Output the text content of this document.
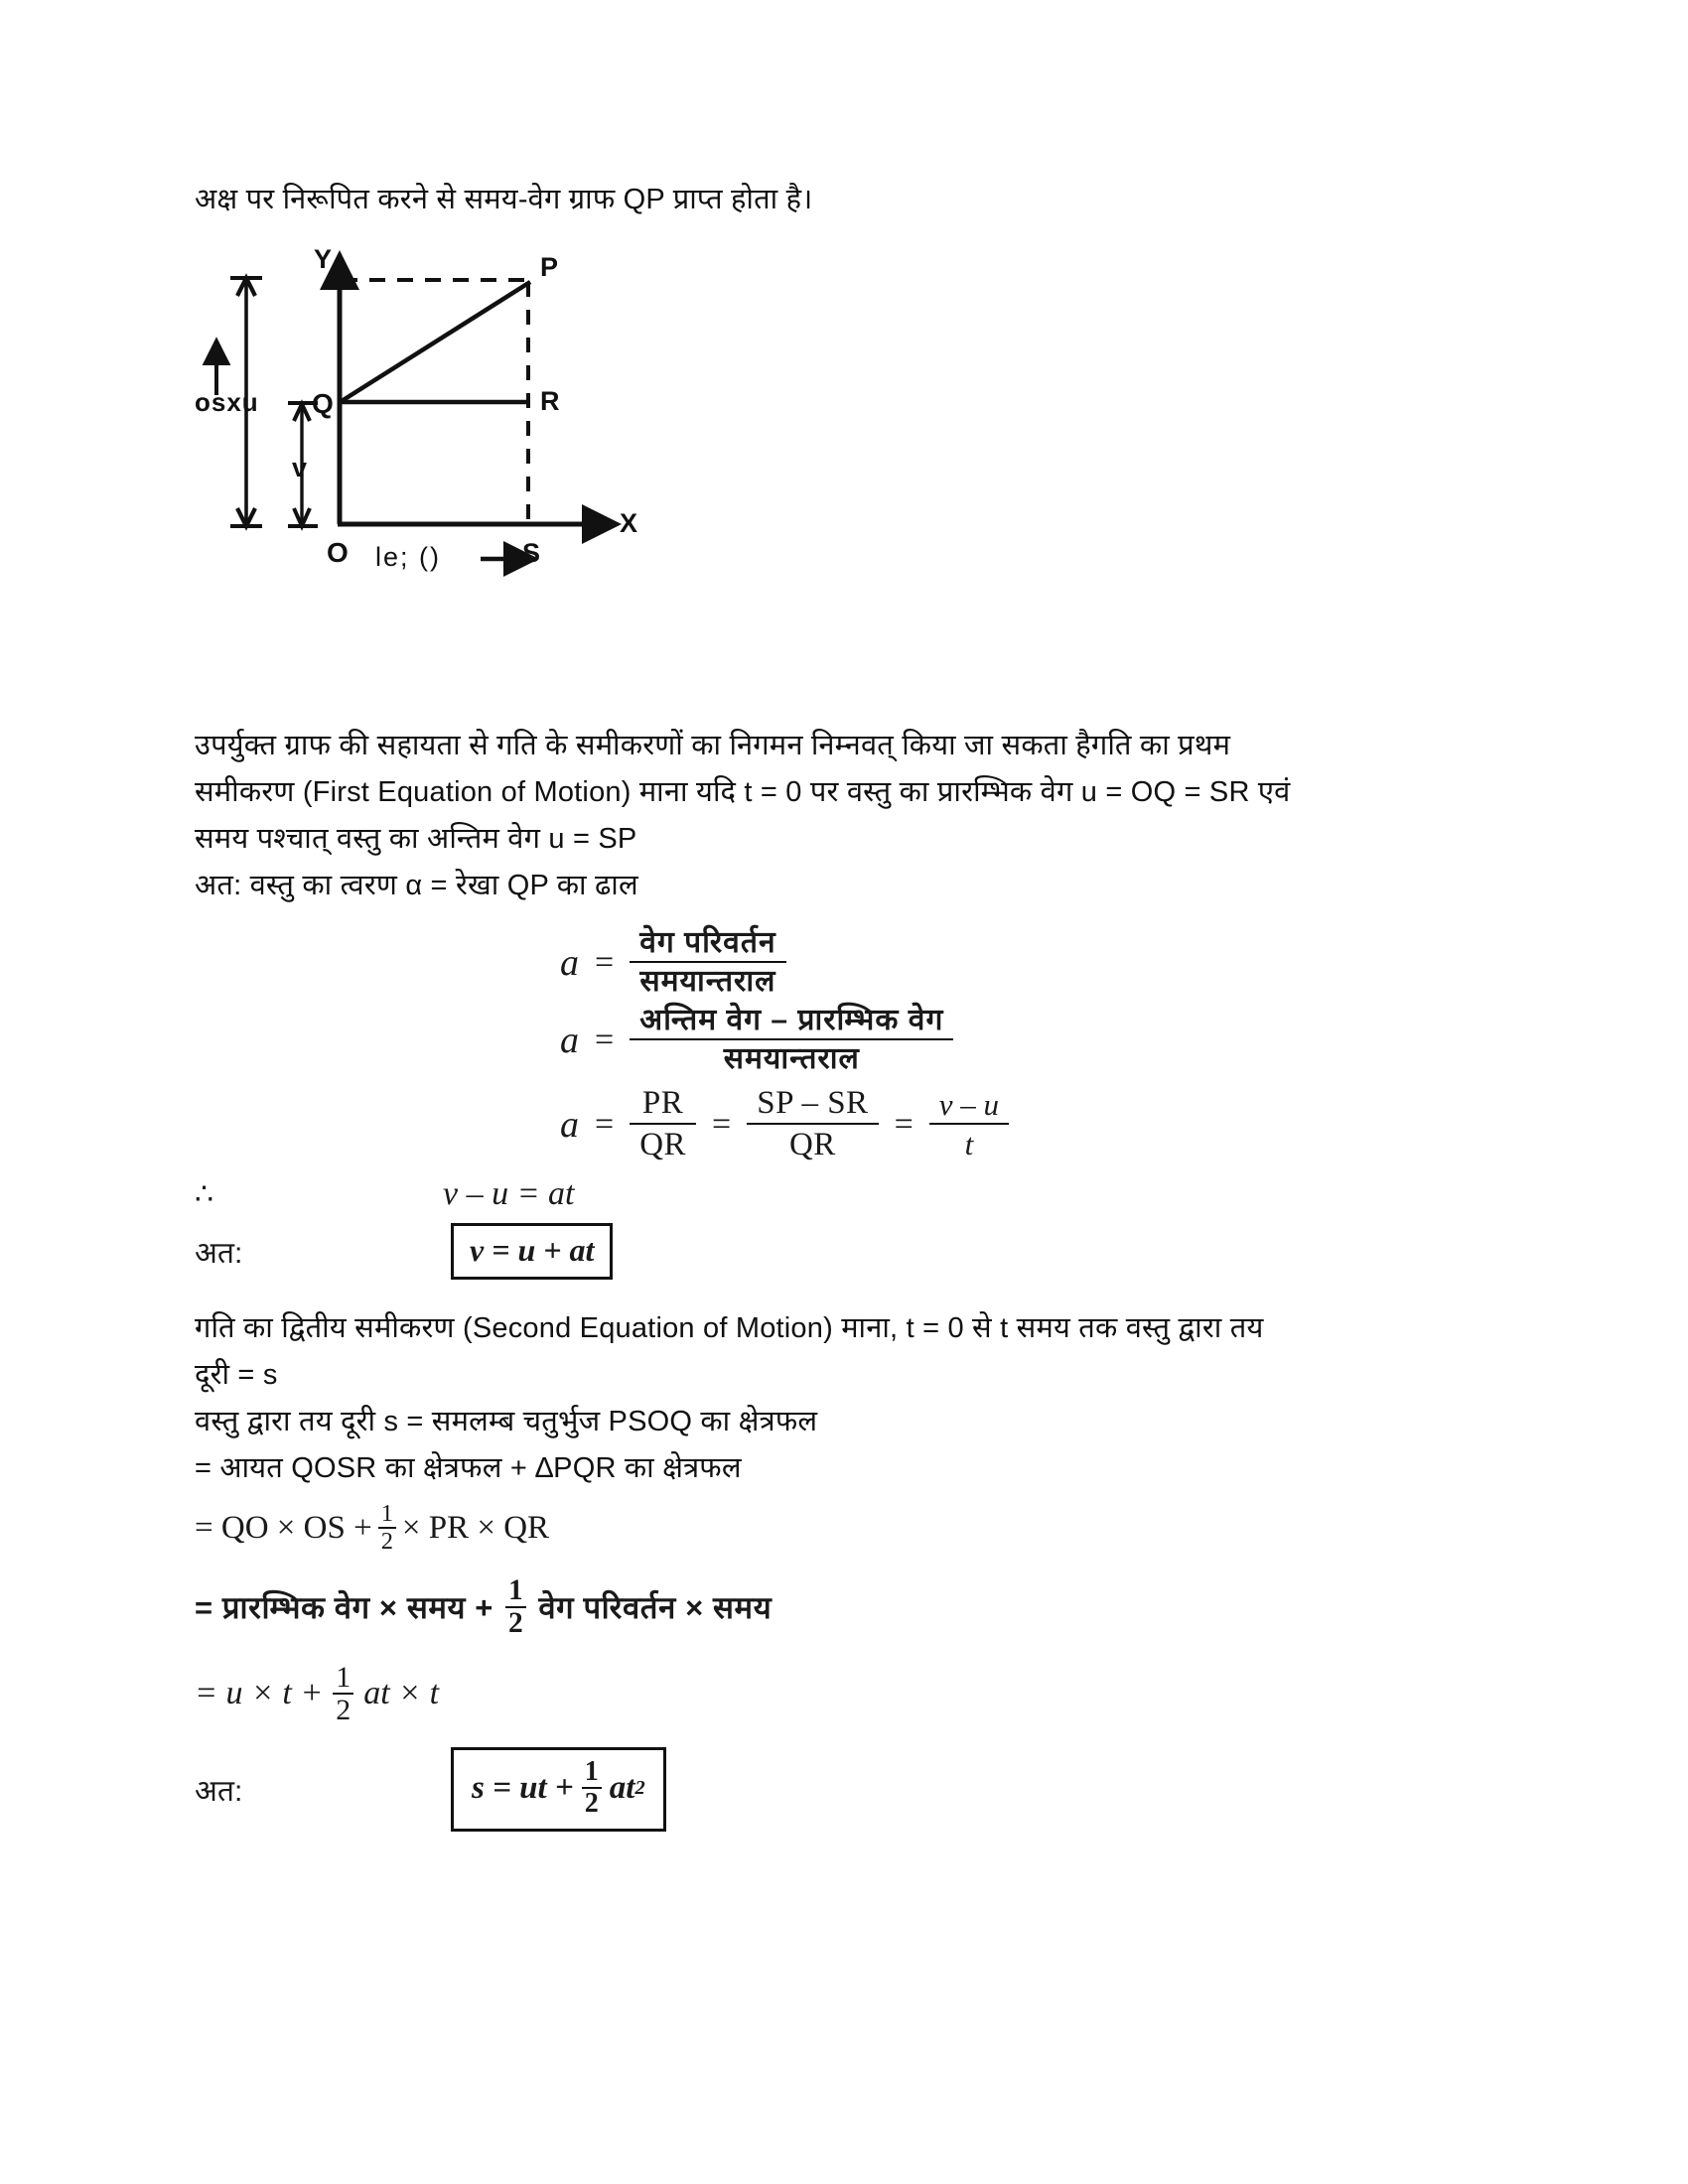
अक्ष पर निरूपित करने से समय-वेग ग्राफ QP प्राप्त होता है।
Y
X
P
Q	R
S
O
osxu
v
le; ()
उपर्युक्त ग्राफ की सहायता से गति के समीकरणों का निगमन निम्नवत् किया जा सकता हैगति का प्रथम
समीकरण (First Equation of Motion) माना यदि t = 0 पर वस्तु का प्रारम्भिक वेग u = OQ = SR एवं
समय पश्चात् वस्तु का अन्तिम वेग u = SP
अत: वस्तु का त्वरण α = रेखा QP का ढाल
$a = \frac{\text{वेग परिवर्तन}}{\text{समयान्तराल}}$
$a = \frac{\text{अन्तिम वेग – प्रारम्भिक वेग}}{\text{समयान्तराल}}$
$a = \frac{PR}{QR} = \frac{SP - SR}{QR} = \frac{v - u}{t}$
∴	v – u = at
अत:	v = u + at
गति का द्वितीय समीकरण (Second Equation of Motion) माना, t = 0 से t समय तक वस्तु द्वारा तय
दूरी = s
वस्तु द्वारा तय दूरी s = समलम्ब चतुर्भुज PSOQ का क्षेत्रफल
= आयत QOSR का क्षेत्रफल + ∆PQR का क्षेत्रफल
= QO × OS + $\frac{1}{2}$ × PR × QR
= प्रारम्भिक वेग × समय + $\frac{1}{2}$ वेग परिवर्तन × समय
= $u \times t + \frac{1}{2}$ at × t
अत:	s = ut + $\frac{1}{2}$ at 2
